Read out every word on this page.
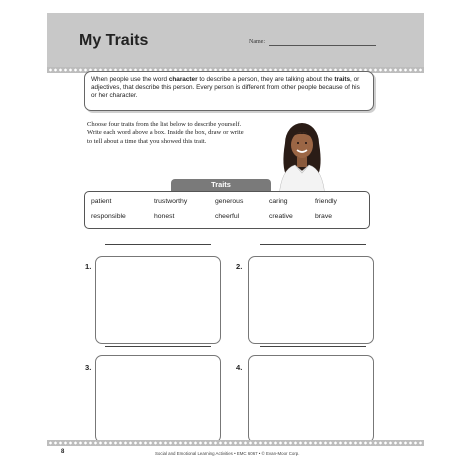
My Traits	Name:
When people use the word character to describe a person, they are talking about the traits, or adjectives, that describe this person. Every person is different from other people because of his or her character.
Choose four traits from the list below to describe yourself. Write each word above a box. Inside the box, draw or write to tell about a time that you showed this trait.
Traits
patient	trustworthy	generous	caring	friendly
responsible	honest	cheerful	creative	brave
1.	2.
3.	4.
8	Social and Emotional Learning Activities • EMC 6067 • © Evan-Moor Corp.
